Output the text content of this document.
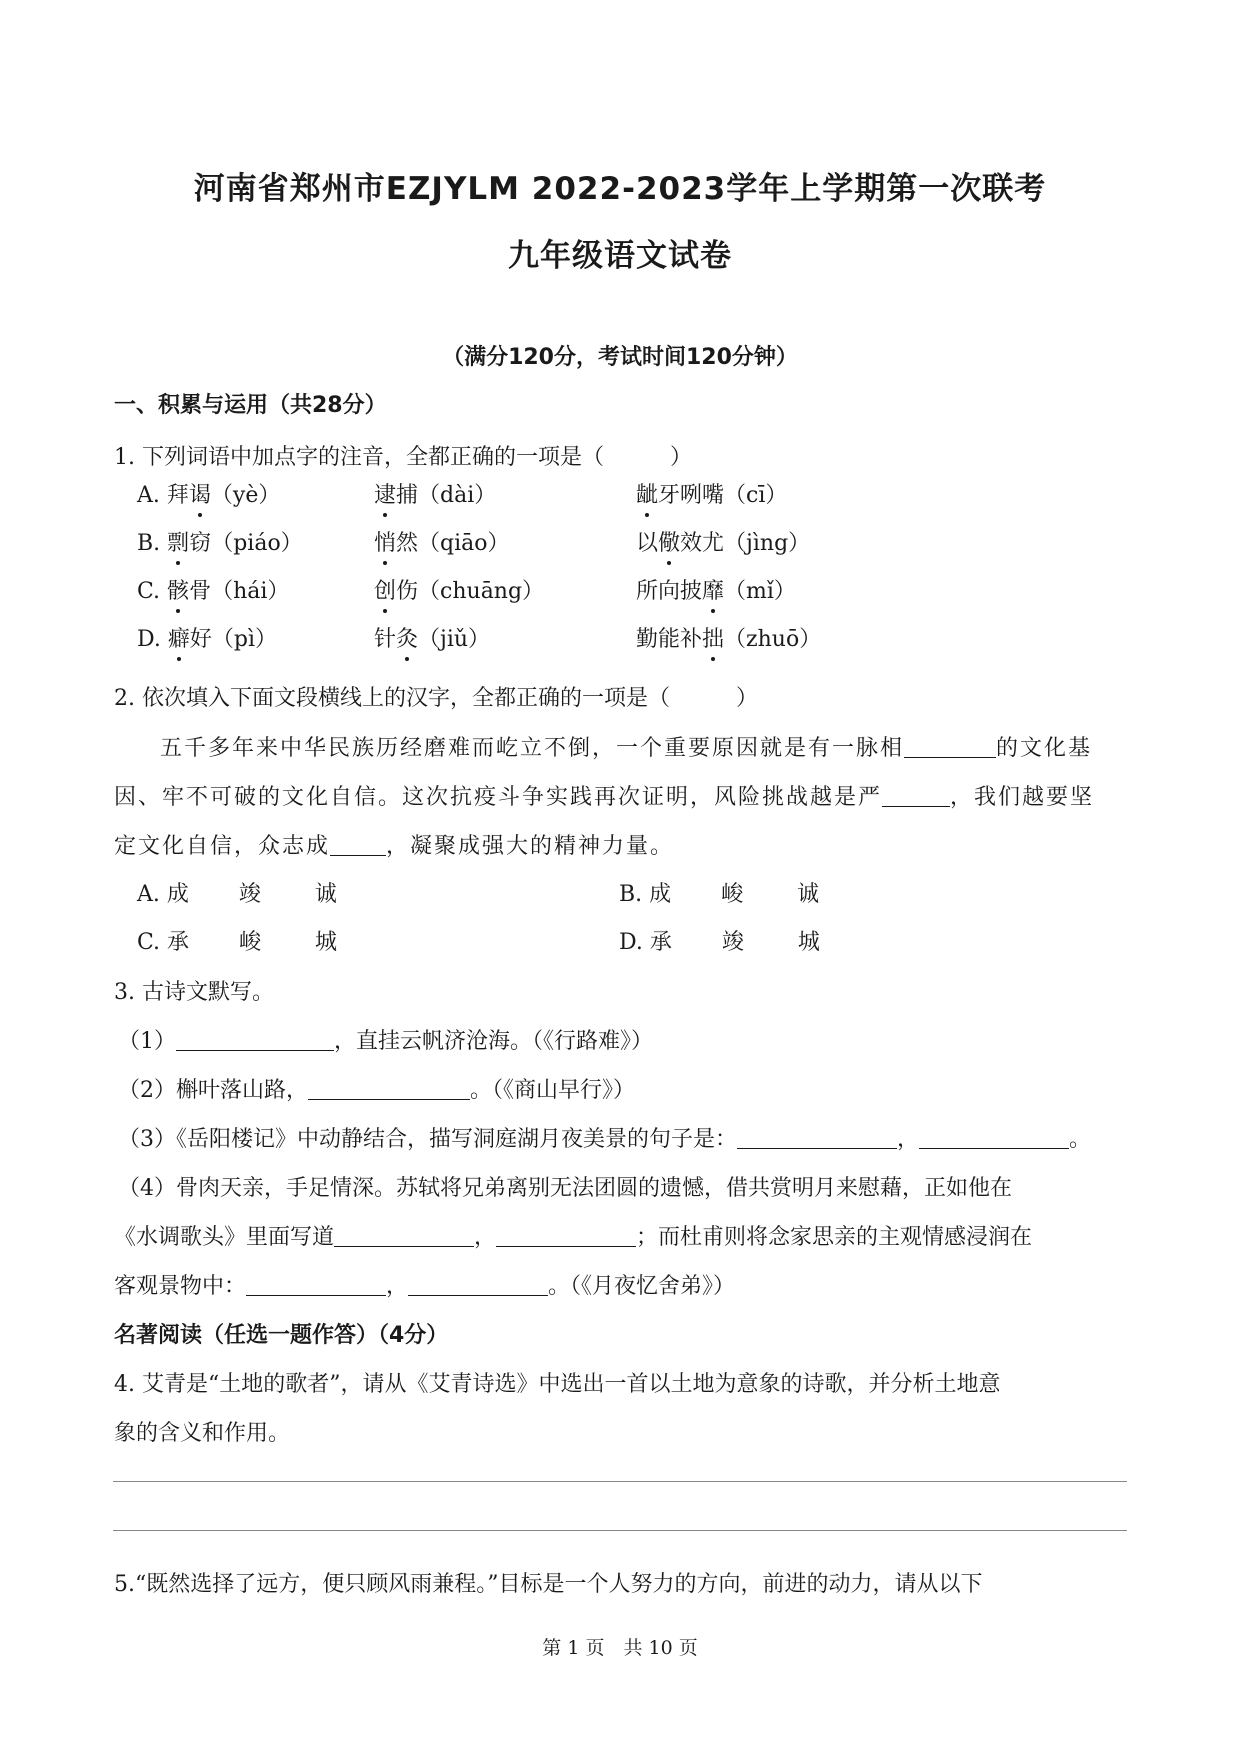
河南省郑州市EZJYLM 2022-2023学年上学期第一次联考
九年级语文试卷
（满分120分，考试时间120分钟）
一、积累与运用（共28分）
1. 下列词语中加点字的注音，全都正确的一项是（　　　）
A. 拜谒（yè）	逮捕（dài）	龇牙咧嘴（cī）
B. 剽窃（piáo）	悄然（qiāo）	以儆效尤（jìng）
C. 骸骨（hái）	创伤（chuāng）	所向披靡（mǐ）
D. 癖好（pì）	针灸（jiǔ）	勤能补拙（zhuō）
2. 依次填入下面文段横线上的汉字，全都正确的一项是（　　　）
五千多年来中华民族历经磨难而屹立不倒，一个重要原因就是有一脉相	的文化基
因、牢不可破的文化自信。这次抗疫斗争实践再次证明，风险挑战越是严	，我们越要坚
定文化自信，众志成	，凝聚成强大的精神力量。
A. 成 竣 诚	B. 成 峻 诚
C. 承 峻 城	D. 承 竣 城
3. 古诗文默写。
（1）	，直挂云帆济沧海。（《行路难》）
（2）槲叶落山路，	。（《商山早行》）
（3）《岳阳楼记》中动静结合，描写洞庭湖月夜美景的句子是：	，	。
（4）骨肉天亲，手足情深。苏轼将兄弟离别无法团圆的遗憾，借共赏明月来慰藉，正如他在
《水调歌头》里面写道	，	；而杜甫则将念家思亲的主观情感浸润在
客观景物中：	，	。（《月夜忆舍弟》）
名著阅读（任选一题作答）（4分）
4. 艾青是“土地的歌者”，请从《艾青诗选》中选出一首以土地为意象的诗歌，并分析土地意
象的含义和作用。
5.“既然选择了远方，便只顾风雨兼程。”目标是一个人努力的方向，前进的动力，请从以下
第 1 页　共 10 页
